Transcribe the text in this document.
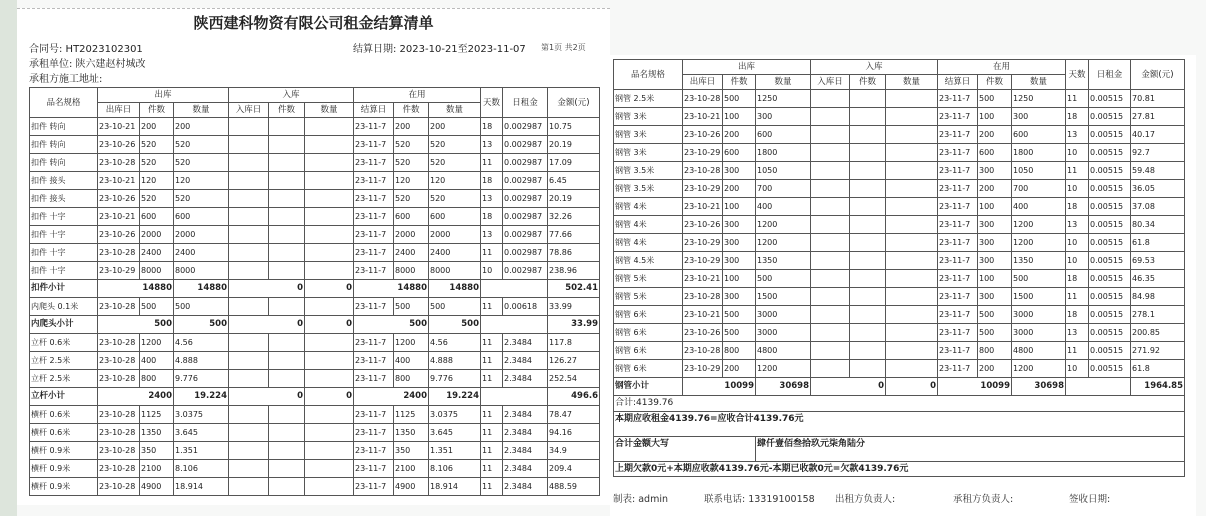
陕西建科物资有限公司租金结算清单
合同号: HT2023102301	结算日期: 2023-10-21至2023-11-07 第1页 共2页
承租单位: 陕六建赵村城改
承租方施工地址:
品名规格	出库			入库			在用			天数	日租金	金额(元)
	出库日	件数	数量	入库日	件数	数量	结算日	件数	数量			
扣件 转向	23-10-21	200	200				23-11-7	200	200	18	0.002987	10.75
扣件 转向	23-10-26	520	520				23-11-7	520	520	13	0.002987	20.19
扣件 转向	23-10-28	520	520				23-11-7	520	520	11	0.002987	17.09
扣件 接头	23-10-21	120	120				23-11-7	120	120	18	0.002987	6.45
扣件 接头	23-10-26	520	520				23-11-7	520	520	13	0.002987	20.19
扣件 十字	23-10-21	600	600				23-11-7	600	600	18	0.002987	32.26
扣件 十字	23-10-26	2000	2000				23-11-7	2000	2000	13	0.002987	77.66
扣件 十字	23-10-28	2400	2400				23-11-7	2400	2400	11	0.002987	78.86
扣件 十字	23-10-29	8000	8000				23-11-7	8000	8000	10	0.002987	238.96
扣件小计	14880		14880	0		0	14880		14880			502.41
内爬头 0.1米	23-10-28	500	500				23-11-7	500	500	11	0.00618	33.99
内爬头小计	500		500	0		0	500		500			33.99
立杆 0.6米	23-10-28	1200	4.56				23-11-7	1200	4.56	11	2.3484	117.8
立杆 2.5米	23-10-28	400	4.888				23-11-7	400	4.888	11	2.3484	126.27
立杆 2.5米	23-10-28	800	9.776				23-11-7	800	9.776	11	2.3484	252.54
立杆小计	2400		19.224	0		0	2400		19.224			496.6
横杆 0.6米	23-10-28	1125	3.0375				23-11-7	1125	3.0375	11	2.3484	78.47
横杆 0.6米	23-10-28	1350	3.645				23-11-7	1350	3.645	11	2.3484	94.16
横杆 0.9米	23-10-28	350	1.351				23-11-7	350	1.351	11	2.3484	34.9
横杆 0.9米	23-10-28	2100	8.106				23-11-7	2100	8.106	11	2.3484	209.4
横杆 0.9米	23-10-28	4900	18.914				23-11-7	4900	18.914	11	2.3484	488.59
品名规格	出库			入库			在用			天数	日租金	金额(元)
	出库日	件数	数量	入库日	件数	数量	结算日	件数	数量			
钢管 2.5米	23-10-28	500	1250				23-11-7	500	1250	11	0.00515	70.81
钢管 3米	23-10-21	100	300				23-11-7	100	300	18	0.00515	27.81
钢管 3米	23-10-26	200	600				23-11-7	200	600	13	0.00515	40.17
钢管 3米	23-10-29	600	1800				23-11-7	600	1800	10	0.00515	92.7
钢管 3.5米	23-10-28	300	1050				23-11-7	300	1050	11	0.00515	59.48
钢管 3.5米	23-10-29	200	700				23-11-7	200	700	10	0.00515	36.05
钢管 4米	23-10-21	100	400				23-11-7	100	400	18	0.00515	37.08
钢管 4米	23-10-26	300	1200				23-11-7	300	1200	13	0.00515	80.34
钢管 4米	23-10-29	300	1200				23-11-7	300	1200	10	0.00515	61.8
钢管 4.5米	23-10-29	300	1350				23-11-7	300	1350	10	0.00515	69.53
钢管 5米	23-10-21	100	500				23-11-7	100	500	18	0.00515	46.35
钢管 5米	23-10-28	300	1500				23-11-7	300	1500	11	0.00515	84.98
钢管 6米	23-10-21	500	3000				23-11-7	500	3000	18	0.00515	278.1
钢管 6米	23-10-26	500	3000				23-11-7	500	3000	13	0.00515	200.85
钢管 6米	23-10-28	800	4800				23-11-7	800	4800	11	0.00515	271.92
钢管 6米	23-10-29	200	1200				23-11-7	200	1200	10	0.00515	61.8
钢管小计	10099		30698	0		0	10099		30698			1964.85
合计:4139.76												
本期应收租金4139.76=应收合计4139.76元												
合计金额大写			肆仟壹佰叁拾玖元柒角陆分									
上期欠款0元+本期应收款4139.76元-本期已收款0元=欠款4139.76元												
制表: admin	联系电话: 13319100158 出租方负责人:	承租方负责人:	签收日期:
